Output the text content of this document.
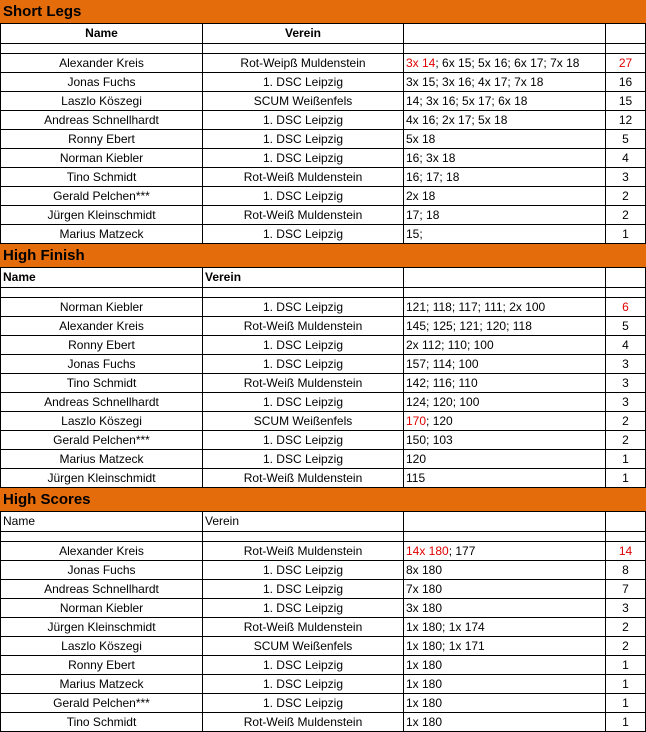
Short Legs
Name	Verein
Alexander Kreis	Rot-Weipß Muldenstein	3x 14; 6x 15; 5x 16; 6x 17; 7x 18	27
Jonas Fuchs	1. DSC Leipzig	3x 15; 3x 16; 4x 17; 7x 18	16
Laszlo Köszegi	SCUM Weißenfels	14; 3x 16; 5x 17; 6x 18	15
Andreas Schnellhardt	1. DSC Leipzig	4x 16; 2x 17; 5x 18	12
Ronny Ebert	1. DSC Leipzig	5x 18	5
Norman Kiebler	1. DSC Leipzig	16; 3x 18	4
Tino Schmidt	Rot-Weiß Muldenstein	16; 17; 18	3
Gerald Pelchen***	1. DSC Leipzig	2x 18	2
Jürgen Kleinschmidt	Rot-Weiß Muldenstein	17; 18	2
Marius Matzeck	1. DSC Leipzig	15;	1
High Finish
Name	Verein
Norman Kiebler	1. DSC Leipzig	121; 118; 117; 111; 2x 100	6
Alexander Kreis	Rot-Weiß Muldenstein	145; 125; 121; 120; 118	5
Ronny Ebert	1. DSC Leipzig	2x 112; 110; 100	4
Jonas Fuchs	1. DSC Leipzig	157; 114; 100	3
Tino Schmidt	Rot-Weiß Muldenstein	142; 116; 110	3
Andreas Schnellhardt	1. DSC Leipzig	124; 120; 100	3
Laszlo Köszegi	SCUM Weißenfels	170; 120	2
Gerald Pelchen***	1. DSC Leipzig	150; 103	2
Marius Matzeck	1. DSC Leipzig	120	1
Jürgen Kleinschmidt	Rot-Weiß Muldenstein	115	1
High Scores
Name	Verein
Alexander Kreis	Rot-Weiß Muldenstein	14x 180; 177	14
Jonas Fuchs	1. DSC Leipzig	8x 180	8
Andreas Schnellhardt	1. DSC Leipzig	7x 180	7
Norman Kiebler	1. DSC Leipzig	3x 180	3
Jürgen Kleinschmidt	Rot-Weiß Muldenstein	1x 180; 1x 174	2
Laszlo Köszegi	SCUM Weißenfels	1x 180; 1x 171	2
Ronny Ebert	1. DSC Leipzig	1x 180	1
Marius Matzeck	1. DSC Leipzig	1x 180	1
Gerald Pelchen***	1. DSC Leipzig	1x 180	1
Tino Schmidt	Rot-Weiß Muldenstein	1x 180	1
